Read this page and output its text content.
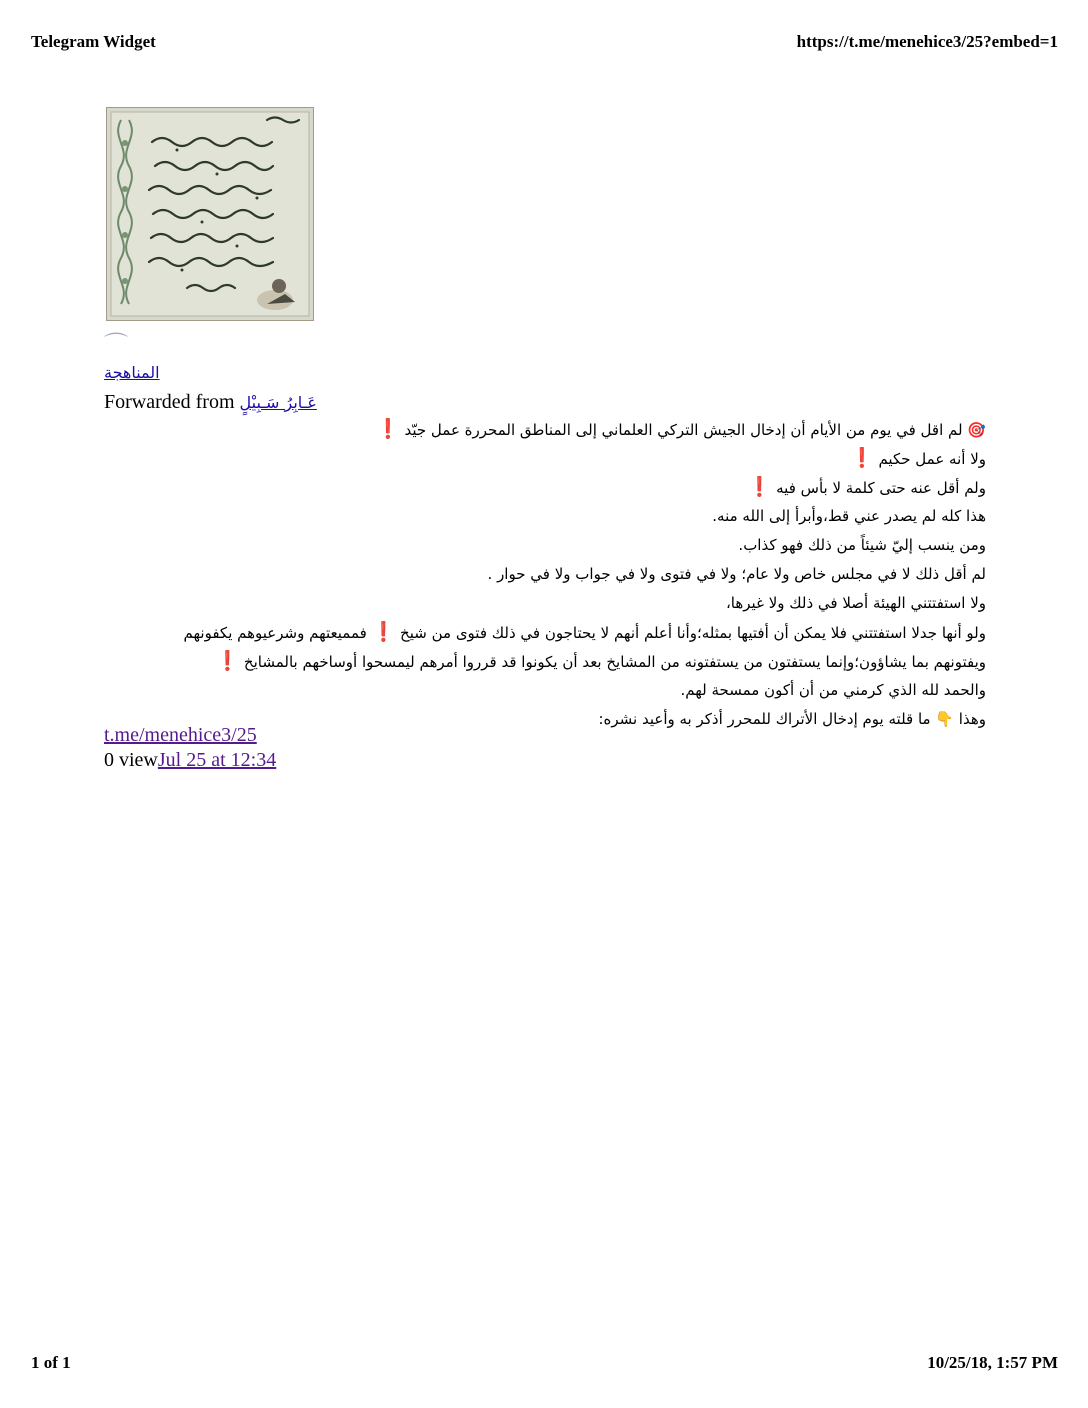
Telegram Widget	https://t.me/menehice3/25?embed=1
⌒
المناهجة
Forwarded from عَـابِرُ سَـبِيْلٍ
🎯 لم اقل في يوم من الأيام أن إدخال الجيش التركي العلماني إلى المناطق المحررة عمل جيّد ❗
ولا أنه عمل حكيم ❗
ولم أقل عنه حتى كلمة لا بأس فيه ❗
هذا كله لم يصدر عني قط،وأبرأ إلى الله منه.
ومن ينسب إليّ شيئاً من ذلك فهو كذاب.
لم أقل ذلك لا في مجلس خاص ولا عام؛ ولا في فتوى ولا في جواب ولا في حوار .
ولا استفتتني الهيئة أصلا في ذلك ولا غيرها،
ولو أنها جدلا استفتتني فلا يمكن أن أفتيها بمثله؛وأنا أعلم أنهم لا يحتاجون في ذلك فتوى من شيخ ❗ فمميعتهم وشرعيوهم يكفونهم
ويفتونهم بما يشاؤون؛وإنما يستفتون من يستفتونه من المشايخ بعد أن يكونوا قد قرروا أمرهم ليمسحوا أوساخهم بالمشايخ ❗
والحمد لله الذي كرمني من أن أكون ممسحة لهم.
وهذا 👇 ما قلته يوم إدخال الأتراك للمحرر أذكر به وأعيد نشره:
t.me/menehice3/25
0 viewJul 25 at 12:34
1 of 1	10/25/18, 1:57 PM
